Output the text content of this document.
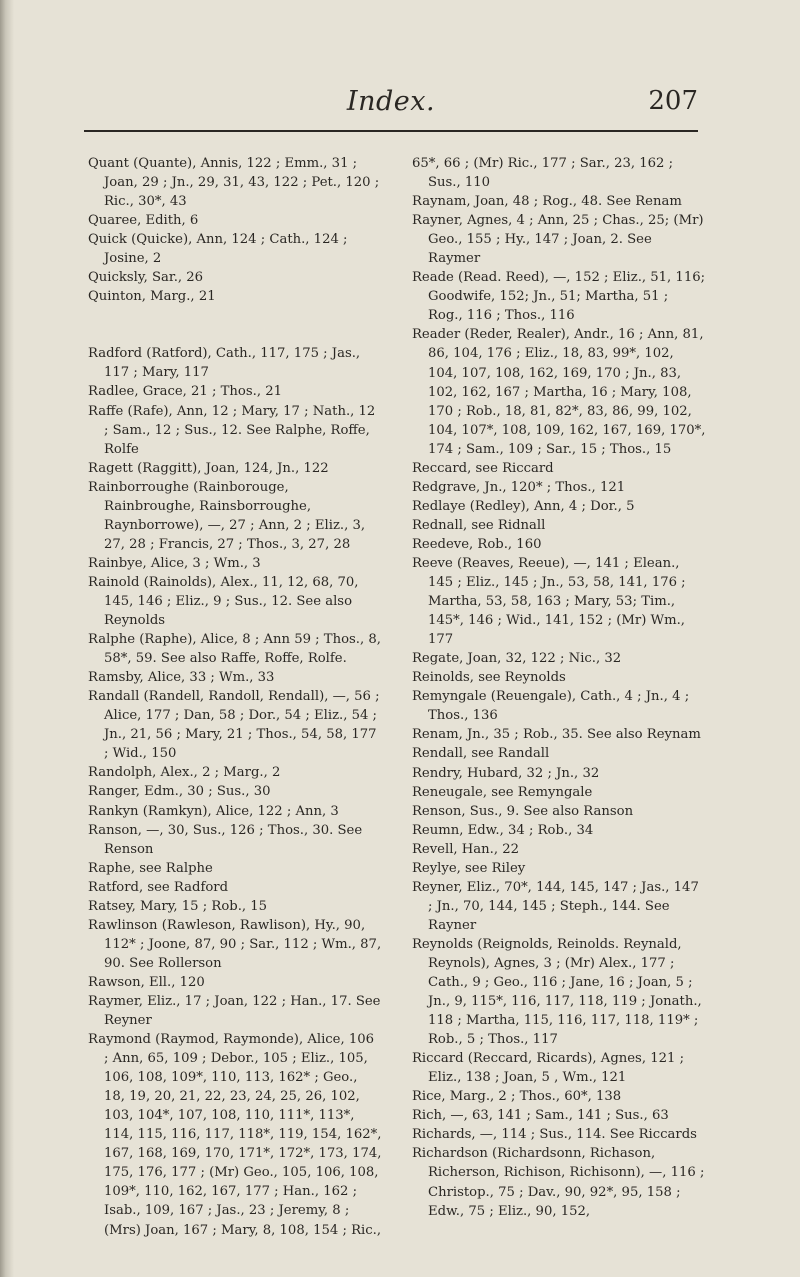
Index.	207

Quant (Quante), Annis, 122 ; Emm., 31 ; Joan, 29 ; Jn., 29, 31, 43, 122 ; Pet., 120 ; Ric., 30*, 43

Quaree, Edith, 6

Quick (Quicke), Ann, 124 ; Cath., 124 ; Josine, 2

Quicksly, Sar., 26

Quinton, Marg., 21

Radford (Ratford), Cath., 117, 175 ; Jas., 117 ; Mary, 117

Radlee, Grace, 21 ; Thos., 21

Raffe (Rafe), Ann, 12 ; Mary, 17 ; Nath., 12 ; Sam., 12 ; Sus., 12. See Ralphe, Roffe, Rolfe

Ragett (Raggitt), Joan, 124, Jn., 122

Rainborroughe (Rainborouge, Rainbroughe, Rainsborroughe, Raynborrowe), —, 27 ; Ann, 2 ; Eliz., 3, 27, 28 ; Francis, 27 ; Thos., 3, 27, 28

Rainbye, Alice, 3 ; Wm., 3

Rainold (Rainolds), Alex., 11, 12, 68, 70, 145, 146 ; Eliz., 9 ; Sus., 12. See also Reynolds

Ralphe (Raphe), Alice, 8 ; Ann 59 ; Thos., 8, 58*, 59. See also Raffe, Roffe, Rolfe.

Ramsby, Alice, 33 ; Wm., 33

Randall (Randell, Randoll, Rendall), —, 56 ; Alice, 177 ; Dan, 58 ; Dor., 54 ; Eliz., 54 ; Jn., 21, 56 ; Mary, 21 ; Thos., 54, 58, 177 ; Wid., 150

Randolph, Alex., 2 ; Marg., 2

Ranger, Edm., 30 ; Sus., 30

Rankyn (Ramkyn), Alice, 122 ; Ann, 3

Ranson, —, 30, Sus., 126 ; Thos., 30. See Renson

Raphe, see Ralphe

Ratford, see Radford

Ratsey, Mary, 15 ; Rob., 15

Rawlinson (Rawleson, Rawlison), Hy., 90, 112* ; Joone, 87, 90 ; Sar., 112 ; Wm., 87, 90. See Rollerson

Rawson, Ell., 120

Raymer, Eliz., 17 ; Joan, 122 ; Han., 17. See Reyner

Raymond (Raymod, Raymonde), Alice, 106 ; Ann, 65, 109 ; Debor., 105 ; Eliz., 105, 106, 108, 109*, 110, 113, 162* ; Geo., 18, 19, 20, 21, 22, 23, 24, 25, 26, 102, 103, 104*, 107, 108, 110, 111*, 113*, 114, 115, 116, 117, 118*, 119, 154, 162*, 167, 168, 169, 170, 171*, 172*, 173, 174, 175, 176, 177 ; (Mr) Geo., 105, 106, 108, 109*, 110, 162, 167, 177 ; Han., 162 ; Isab., 109, 167 ; Jas., 23 ; Jeremy, 8 ; (Mrs) Joan, 167 ; Mary, 8, 108, 154 ; Ric.,

65*, 66 ; (Mr) Ric., 177 ; Sar., 23, 162 ; Sus., 110

Raynam, Joan, 48 ; Rog., 48. See Renam

Rayner, Agnes, 4 ; Ann, 25 ; Chas., 25; (Mr) Geo., 155 ; Hy., 147 ; Joan, 2. See Raymer

Reade (Read. Reed), —, 152 ; Eliz., 51, 116; Goodwife, 152; Jn., 51; Martha, 51 ; Rog., 116 ; Thos., 116

Reader (Reder, Realer), Andr., 16 ; Ann, 81, 86, 104, 176 ; Eliz., 18, 83, 99*, 102, 104, 107, 108, 162, 169, 170 ; Jn., 83, 102, 162, 167 ; Martha, 16 ; Mary, 108, 170 ; Rob., 18, 81, 82*, 83, 86, 99, 102, 104, 107*, 108, 109, 162, 167, 169, 170*, 174 ; Sam., 109 ; Sar., 15 ; Thos., 15

Reccard, see Riccard

Redgrave, Jn., 120* ; Thos., 121

Redlaye (Redley), Ann, 4 ; Dor., 5

Rednall, see Ridnall

Reedeve, Rob., 160

Reeve (Reaves, Reeue), —, 141 ; Elean., 145 ; Eliz., 145 ; Jn., 53, 58, 141, 176 ; Martha, 53, 58, 163 ; Mary, 53; Tim., 145*, 146 ; Wid., 141, 152 ; (Mr) Wm., 177

Regate, Joan, 32, 122 ; Nic., 32

Reinolds, see Reynolds

Remyngale (Reuengale), Cath., 4 ; Jn., 4 ; Thos., 136

Renam, Jn., 35 ; Rob., 35. See also Reynam

Rendall, see Randall

Rendry, Hubard, 32 ; Jn., 32

Reneugale, see Remyngale

Renson, Sus., 9. See also Ranson

Reumn, Edw., 34 ; Rob., 34

Revell, Han., 22

Reylye, see Riley

Reyner, Eliz., 70*, 144, 145, 147 ; Jas., 147 ; Jn., 70, 144, 145 ; Steph., 144. See Rayner

Reynolds (Reignolds, Reinolds. Reynald, Reynols), Agnes, 3 ; (Mr) Alex., 177 ; Cath., 9 ; Geo., 116 ; Jane, 16 ; Joan, 5 ; Jn., 9, 115*, 116, 117, 118, 119 ; Jonath., 118 ; Martha, 115, 116, 117, 118, 119* ; Rob., 5 ; Thos., 117

Riccard (Reccard, Ricards), Agnes, 121 ; Eliz., 138 ; Joan, 5 , Wm., 121

Rice, Marg., 2 ; Thos., 60*, 138

Rich, —, 63, 141 ; Sam., 141 ; Sus., 63

Richards, —, 114 ; Sus., 114. See Riccards

Richardson (Richardsonn, Richason, Richerson, Richison, Richisonn), —, 116 ; Christop., 75 ; Dav., 90, 92*, 95, 158 ; Edw., 75 ; Eliz., 90, 152,
